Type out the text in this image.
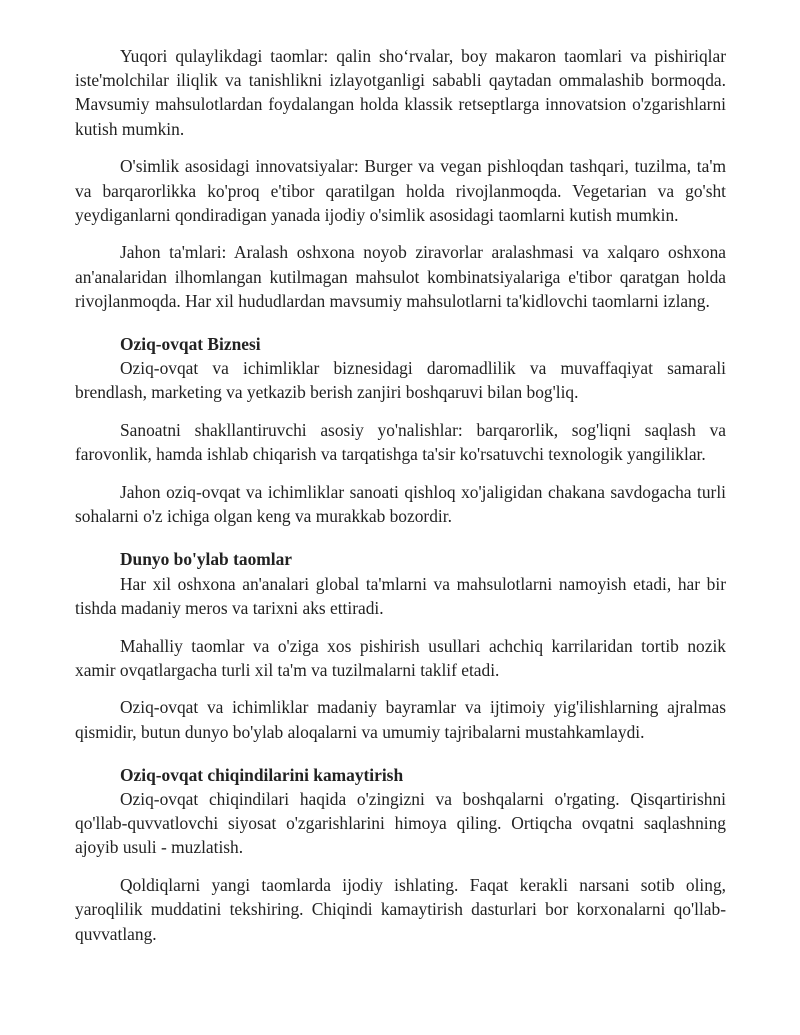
Yuqori qulaylikdagi taomlar: qalin sho‘rvalar, boy makaron taomlari va pishiriqlar iste'molchilar iliqlik va tanishlikni izlayotganligi sababli qaytadan ommalashib bormoqda. Mavsumiy mahsulotlardan foydalangan holda klassik retseptlarga innovatsion o'zgarishlarni kutish mumkin.

O'simlik asosidagi innovatsiyalar: Burger va vegan pishloqdan tashqari, tuzilma, ta'm va barqarorlikka ko'proq e'tibor qaratilgan holda rivojlanmoqda. Vegetarian va go'sht yeydiganlarni qondiradigan yanada ijodiy o'simlik asosidagi taomlarni kutish mumkin.

Jahon ta'mlari: Aralash oshxona noyob ziravorlar aralashmasi va xalqaro oshxona an'analaridan ilhomlangan kutilmagan mahsulot kombinatsiyalariga e'tibor qaratgan holda rivojlanmoqda. Har xil hududlardan mavsumiy mahsulotlarni ta'kidlovchi taomlarni izlang.

Oziq-ovqat Biznesi

Oziq-ovqat va ichimliklar biznesidagi daromadlilik va muvaffaqiyat samarali brendlash, marketing va yetkazib berish zanjiri boshqaruvi bilan bog'liq.

Sanoatni shakllantiruvchi asosiy yo'nalishlar: barqarorlik, sog'liqni saqlash va farovonlik, hamda ishlab chiqarish va tarqatishga ta'sir ko'rsatuvchi texnologik yangiliklar.

Jahon oziq-ovqat va ichimliklar sanoati qishloq xo'jaligidan chakana savdogacha turli sohalarni o'z ichiga olgan keng va murakkab bozordir.

Dunyo bo'ylab taomlar

Har xil oshxona an'analari global ta'mlarni va mahsulotlarni namoyish etadi, har bir tishda madaniy meros va tarixni aks ettiradi.

Mahalliy taomlar va o'ziga xos pishirish usullari achchiq karrilaridan tortib nozik xamir ovqatlargacha turli xil ta'm va tuzilmalarni taklif etadi.

Oziq-ovqat va ichimliklar madaniy bayramlar va ijtimoiy yig'ilishlarning ajralmas qismidir, butun dunyo bo'ylab aloqalarni va umumiy tajribalarni mustahkamlaydi.

Oziq-ovqat chiqindilarini kamaytirish

Oziq-ovqat chiqindilari haqida o'zingizni va boshqalarni o'rgating. Qisqartirishni qo'llab-quvvatlovchi siyosat o'zgarishlarini himoya qiling. Ortiqcha ovqatni saqlashning ajoyib usuli - muzlatish.

Qoldiqlarni yangi taomlarda ijodiy ishlating. Faqat kerakli narsani sotib oling, yaroqlilik muddatini tekshiring. Chiqindi kamaytirish dasturlari bor korxonalarni qo'llab-quvvatlang.
